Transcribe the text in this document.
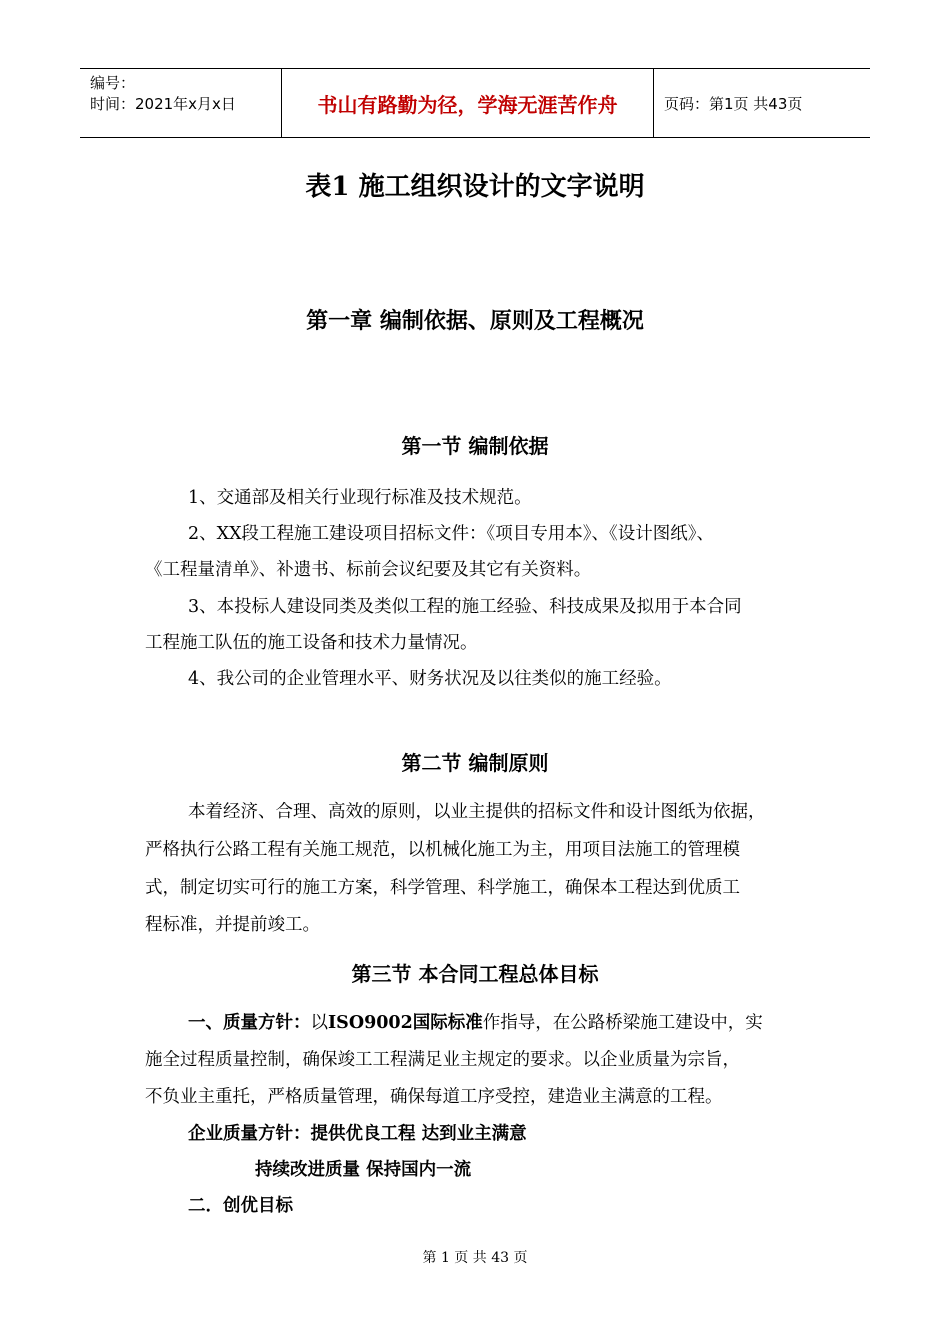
编号：
时间：2021年x月x日	书山有路勤为径，学海无涯苦作舟	页码：第1页 共43页
表1 施工组织设计的文字说明
第一章 编制依据、原则及工程概况
第一节 编制依据
1、交通部及相关行业现行标准及技术规范。
2、XX段工程施工建设项目招标文件：《项目专用本》、《设计图纸》、
《工程量清单》、补遗书、标前会议纪要及其它有关资料。
3、本投标人建设同类及类似工程的施工经验、科技成果及拟用于本合同
工程施工队伍的施工设备和技术力量情况。
4、我公司的企业管理水平、财务状况及以往类似的施工经验。
第二节 编制原则
本着经济、合理、高效的原则，以业主提供的招标文件和设计图纸为依据，
严格执行公路工程有关施工规范，以机械化施工为主，用项目法施工的管理模
式，制定切实可行的施工方案，科学管理、科学施工，确保本工程达到优质工
程标准，并提前竣工。
第三节 本合同工程总体目标
一、质量方针：以ISO9002国际标准作指导，在公路桥梁施工建设中，实
施全过程质量控制，确保竣工工程满足业主规定的要求。以企业质量为宗旨，
不负业主重托，严格质量管理，确保每道工序受控，建造业主满意的工程。
企业质量方针：提供优良工程 达到业主满意
持续改进质量 保持国内一流
二．创优目标
第 1 页 共 43 页
